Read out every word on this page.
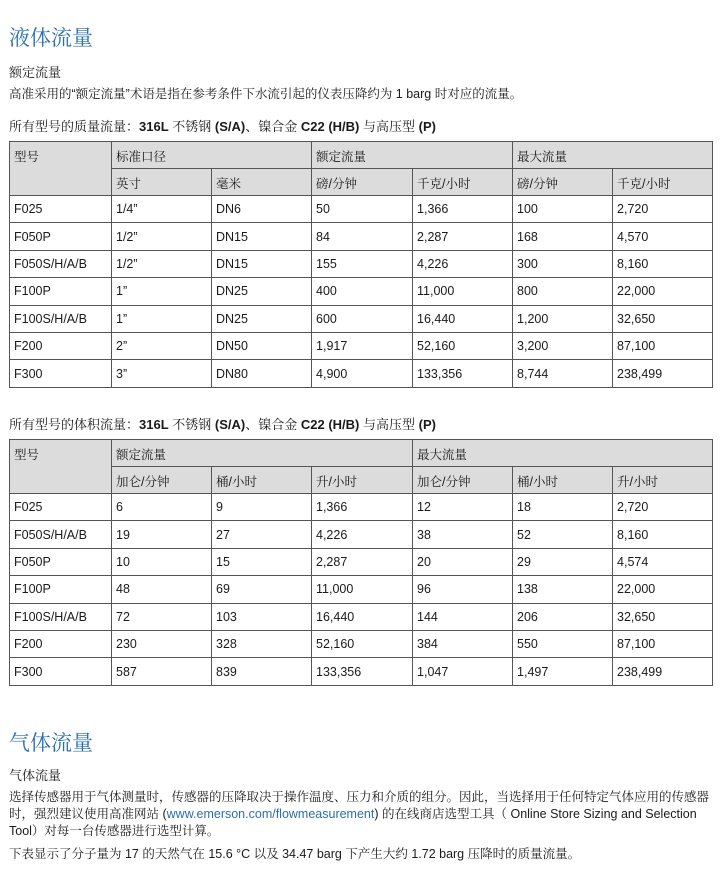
液体流量
额定流量

高准采用的“额定流量”术语是指在参考条件下水流引起的仪表压降约为 1 barg 时对应的流量。

所有型号的质量流量：316L 不锈钢 (S/A)、镍合金 C22 (H/B) 与高压型 (P)

型号	标准口径		额定流量		最大流量	
	英寸	毫米	磅/分钟	千克/小时	磅/分钟	千克/小时
F025	1/4”	DN6	50	1,366	100	2,720
F050P	1/2”	DN15	84	2,287	168	4,570
F050S/H/A/B	1/2”	DN15	155	4,226	300	8,160
F100P	1”	DN25	400	11,000	800	22,000
F100S/H/A/B	1”	DN25	600	16,440	1,200	32,650
F200	2”	DN50	1,917	52,160	3,200	87,100
F300	3”	DN80	4,900	133,356	8,744	238,499

所有型号的体积流量：316L 不锈钢 (S/A)、镍合金 C22 (H/B) 与高压型 (P)

型号	额定流量			最大流量		
	加仑/分钟	桶/小时	升/小时	加仑/分钟	桶/小时	升/小时
F025	6	9	1,366	12	18	2,720
F050S/H/A/B	19	27	4,226	38	52	8,160
F050P	10	15	2,287	20	29	4,574
F100P	48	69	11,000	96	138	22,000
F100S/H/A/B	72	103	16,440	144	206	32,650
F200	230	328	52,160	384	550	87,100
F300	587	839	133,356	1,047	1,497	238,499
气体流量
气体流量

选择传感器用于气体测量时，传感器的压降取决于操作温度、压力和介质的组分。因此，当选择用于任何特定气体应用的传感器时，强烈建议使用高准网站 (www.emerson.com/flowmeasurement) 的在线商店选型工具（ Online Store Sizing and Selection Tool）对每一台传感器进行选型计算。

下表显示了分子量为 17 的天然气在 15.6 °C 以及 34.47 barg 下产生大约 1.72 barg 压降时的质量流量。
